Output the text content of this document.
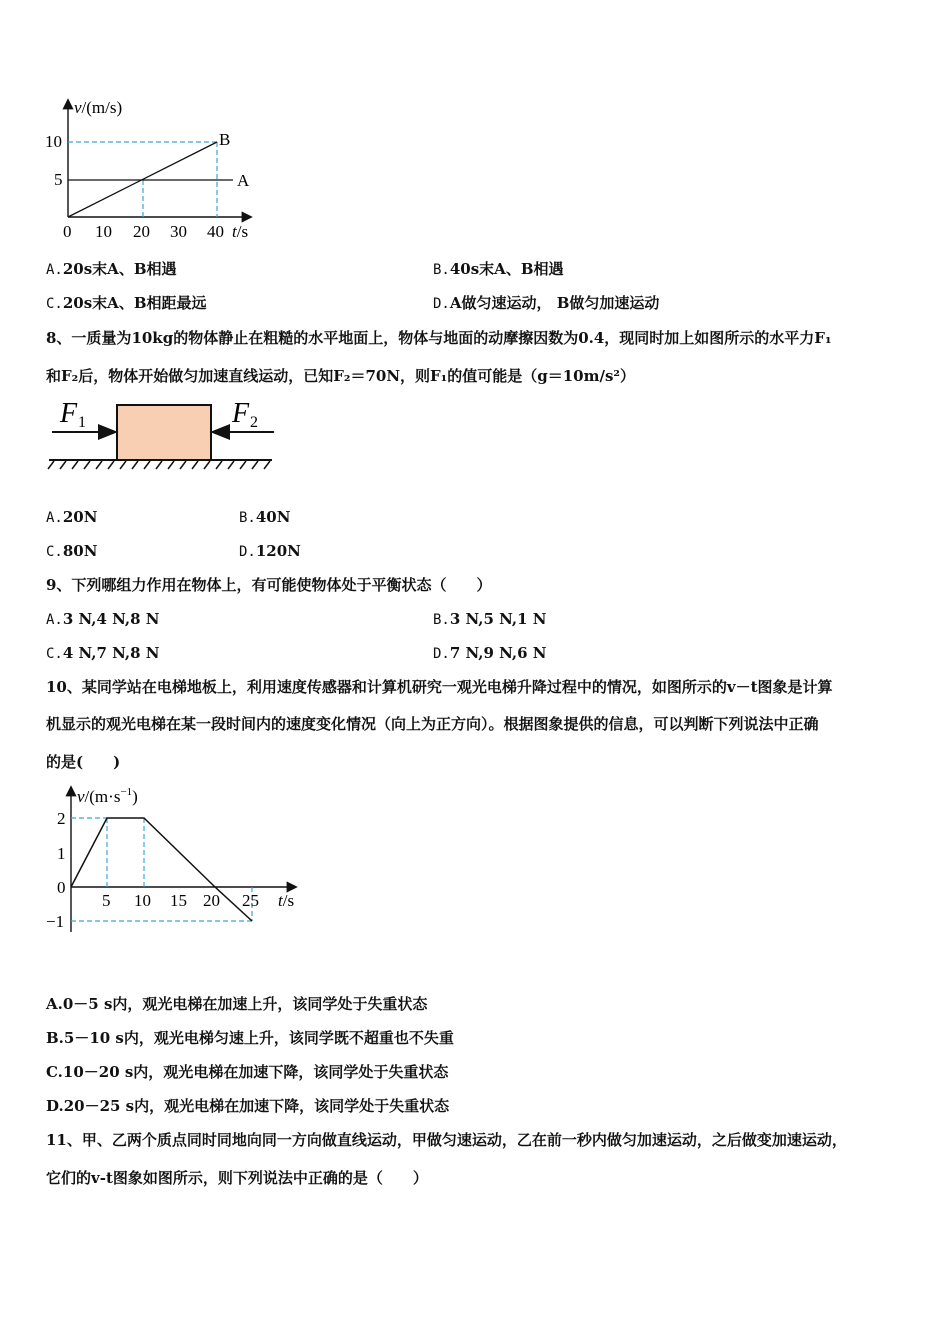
v/(m/s)
B
A
10
5
0 10 20 30 40 t/s
A.20s末A、B相遇	B.40s末A、B相遇
C.20s末A、B相距最远	D.A做匀速运动， B做匀加速运动
8、一质量为10kg的物体静止在粗糙的水平地面上，物体与地面的动摩擦因数为0.4，现同时加上如图所示的水平力F₁
和F₂后，物体开始做匀加速直线运动，已知F₂＝70N，则F₁的值可能是（g＝10m/s²）
F 1	F 2
A.20N	B.40N
C.80N	D.120N
9、下列哪组力作用在物体上，有可能使物体处于平衡状态（　　）
A.3 N,4 N,8 N	B.3 N,5 N,1 N
C.4 N,7 N,8 N	D.7 N,9 N,6 N
10、某同学站在电梯地板上，利用速度传感器和计算机研究一观光电梯升降过程中的情况，如图所示的v－t图象是计算
机显示的观光电梯在某一段时间内的速度变化情况（向上为正方向）。根据图象提供的信息，可以判断下列说法中正确
的是(　　)
$v/(m\cdot s^{-1})$
2
1
0
−1
5 10 15 20 25 t/s
A.0－5 s内，观光电梯在加速上升，该同学处于失重状态
B.5－10 s内，观光电梯匀速上升，该同学既不超重也不失重
C.10－20 s内，观光电梯在加速下降，该同学处于失重状态
D.20－25 s内，观光电梯在加速下降，该同学处于失重状态
11、甲、乙两个质点同时同地向同一方向做直线运动，甲做匀速运动，乙在前一秒内做匀加速运动，之后做变加速运动，
它们的v-t图象如图所示，则下列说法中正确的是（　　）
